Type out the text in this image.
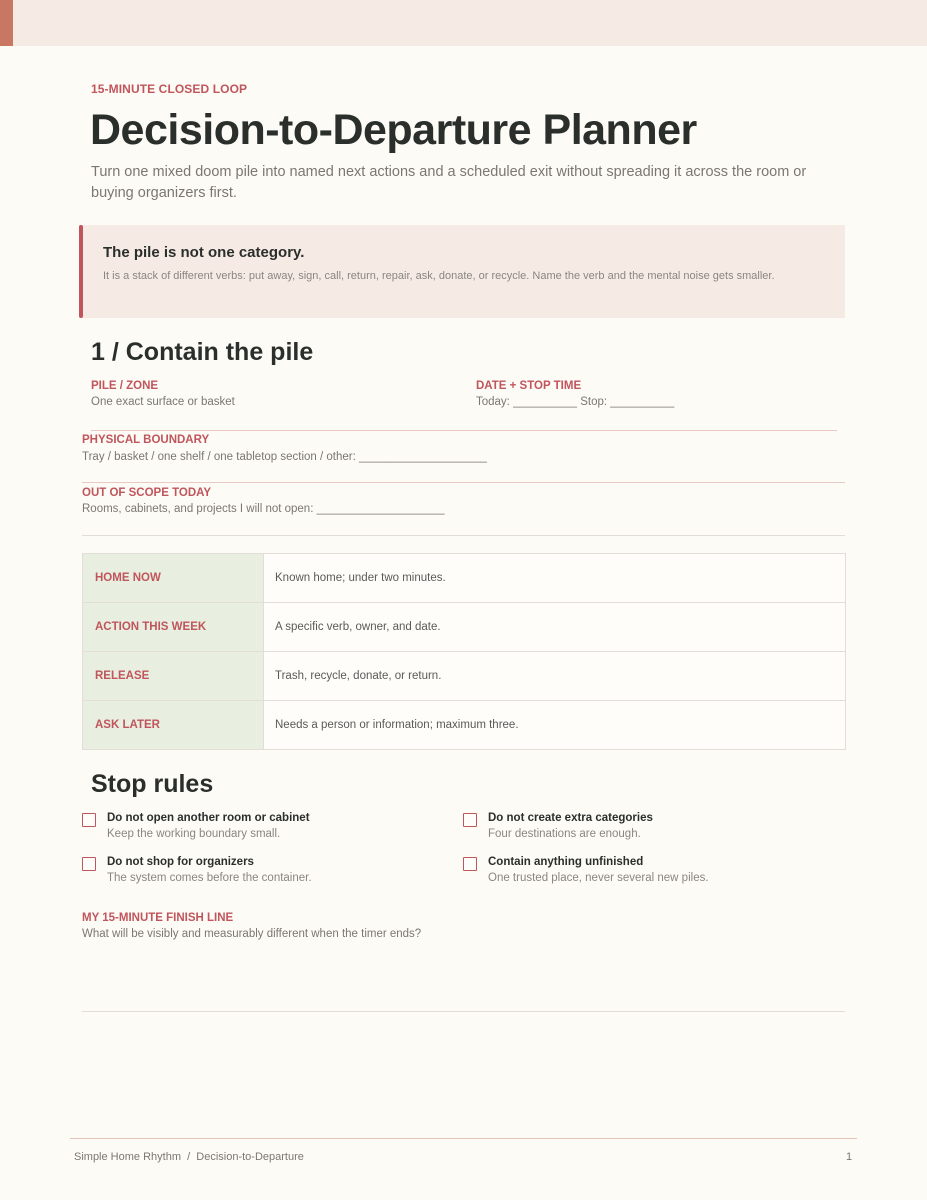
15-MINUTE CLOSED LOOP
Decision-to-Departure Planner
Turn one mixed doom pile into named next actions and a scheduled exit without spreading it across the room or buying organizers first.
The pile is not one category.
It is a stack of different verbs: put away, sign, call, return, repair, ask, donate, or recycle. Name the verb and the mental noise gets smaller.
1 / Contain the pile
PILE / ZONE
One exact surface or basket
DATE + STOP TIME
Today: __________ Stop: __________
PHYSICAL BOUNDARY
Tray / basket / one shelf / one tabletop section / other: ____________________
OUT OF SCOPE TODAY
Rooms, cabinets, and projects I will not open: ____________________
HOME NOW	Known home; under two minutes.
ACTION THIS WEEK	A specific verb, owner, and date.
RELEASE	Trash, recycle, donate, or return.
ASK LATER	Needs a person or information; maximum three.
Stop rules
Do not open another room or cabinet
Keep the working boundary small.
Do not create extra categories
Four destinations are enough.
Do not shop for organizers
The system comes before the container.
Contain anything unfinished
One trusted place, never several new piles.
MY 15-MINUTE FINISH LINE
What will be visibly and measurably different when the timer ends?
Simple Home Rhythm  /  Decision-to-Departure	1
